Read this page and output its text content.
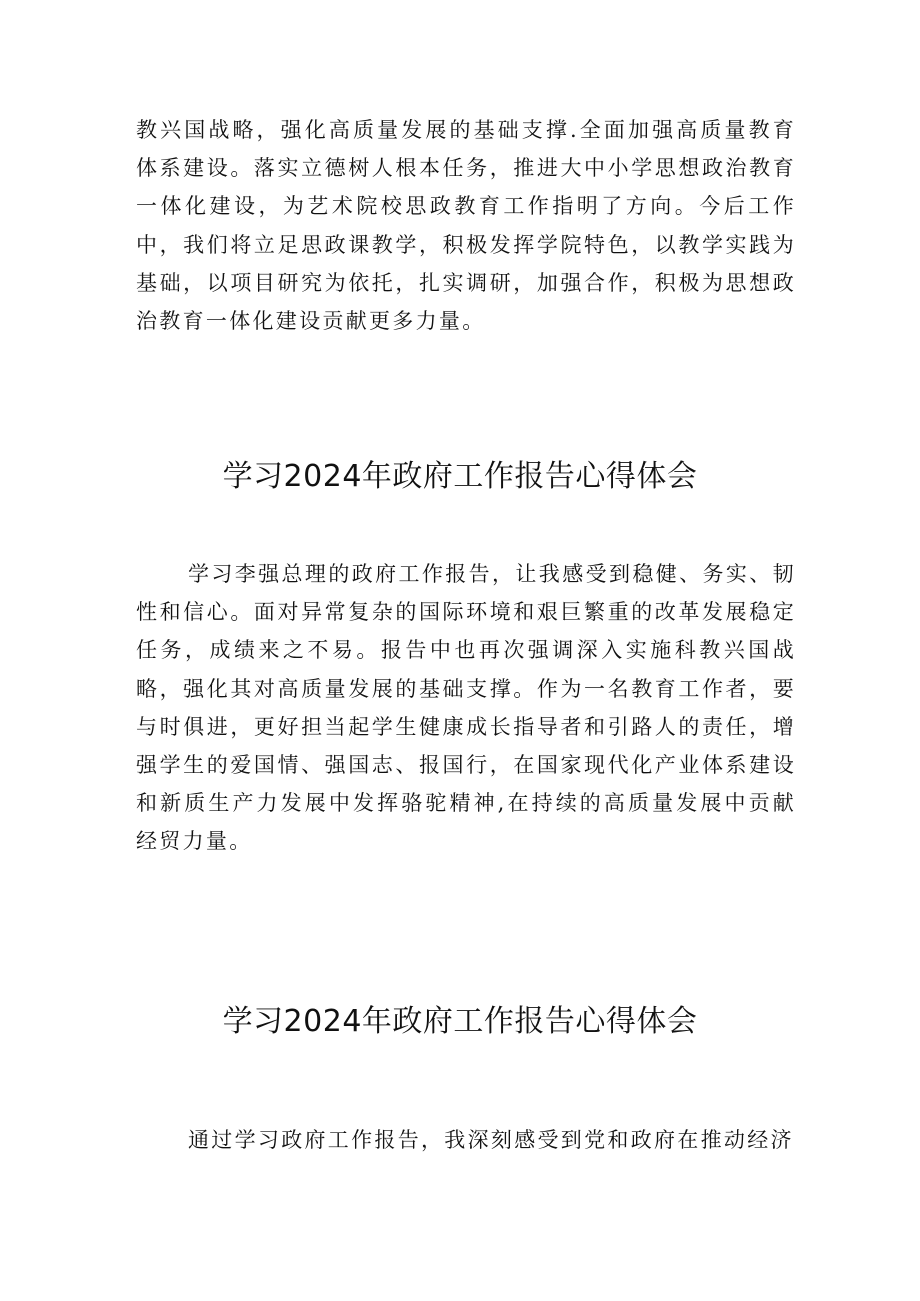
教兴国战略，强化高质量发展的基础支撑.全面加强高质量教育体系建设。落实立德树人根本任务，推进大中小学思想政治教育一体化建设，为艺术院校思政教育工作指明了方向。今后工作中，我们将立足思政课教学，积极发挥学院特色，以教学实践为基础，以项目研究为依托，扎实调研，加强合作，积极为思想政治教育一体化建设贡献更多力量。

学习2024年政府工作报告心得体会

学习李强总理的政府工作报告，让我感受到稳健、务实、韧性和信心。面对异常复杂的国际环境和艰巨繁重的改革发展稳定任务，成绩来之不易。报告中也再次强调深入实施科教兴国战略，强化其对高质量发展的基础支撑。作为一名教育工作者，要与时俱进，更好担当起学生健康成长指导者和引路人的责任，增强学生的爱国情、强国志、报国行，在国家现代化产业体系建设和新质生产力发展中发挥骆驼精神,在持续的高质量发展中贡献经贸力量。

学习2024年政府工作报告心得体会

通过学习政府工作报告，我深刻感受到党和政府在推动经济
